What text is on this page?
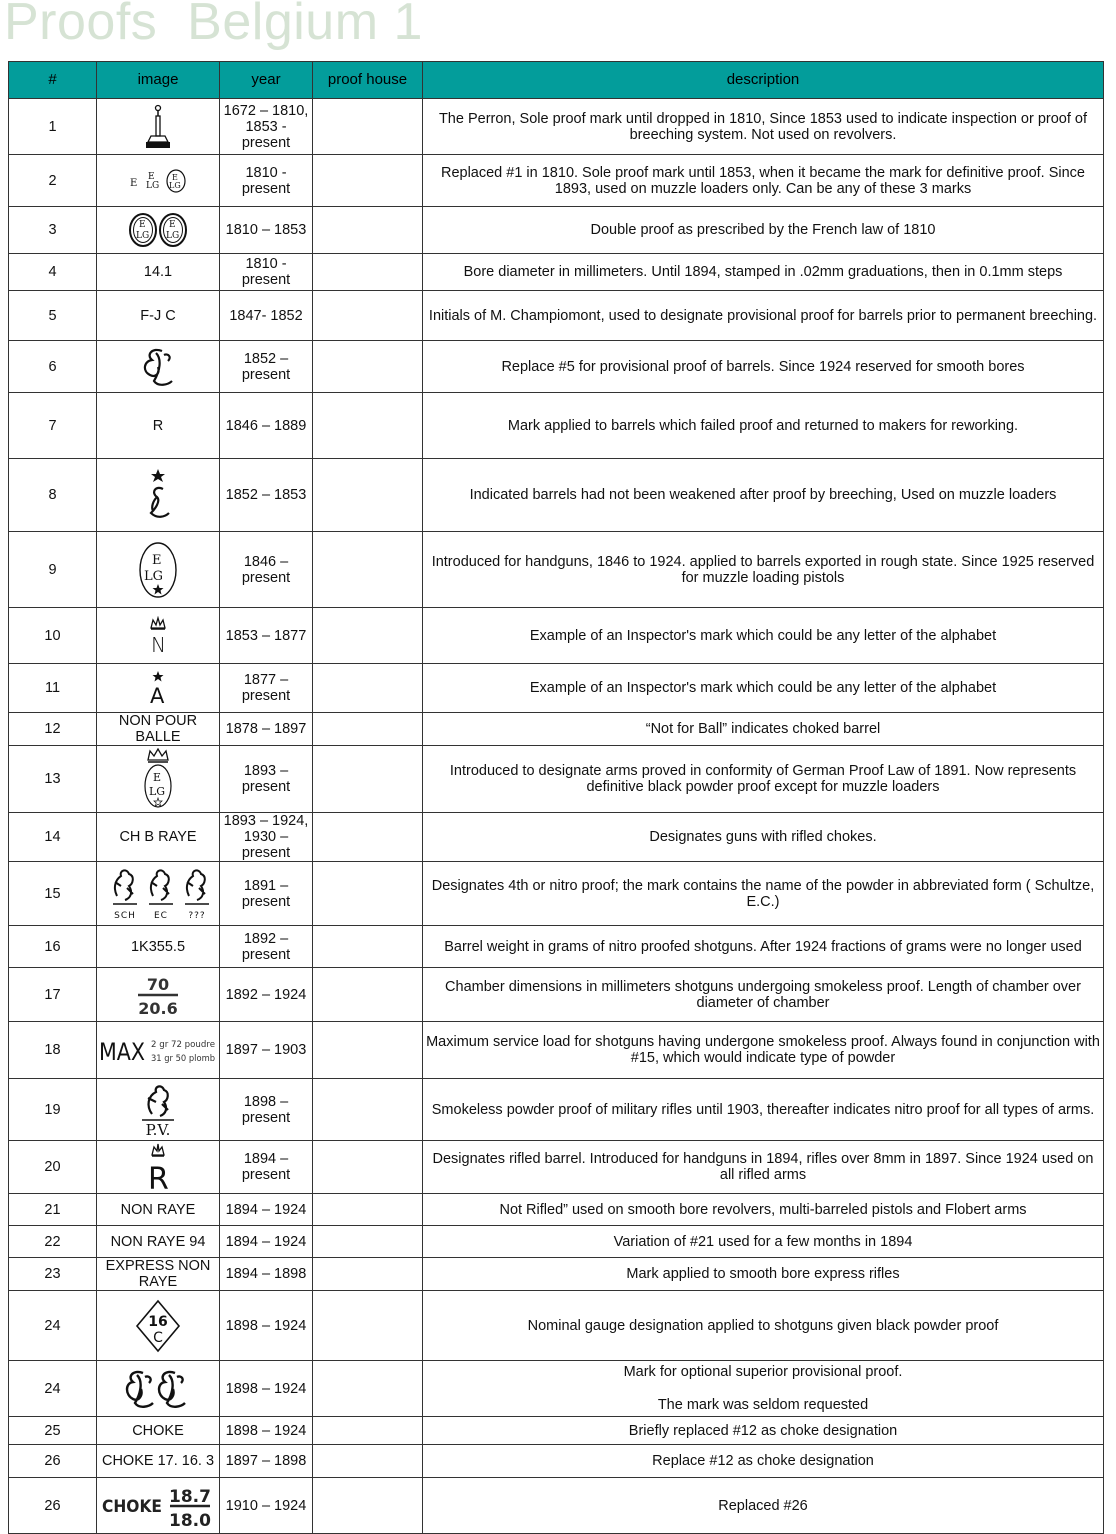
Proofs  Belgium 1
#	image	year	proof house	description
1		1672 – 1810, 1853 - present		The Perron, Sole proof mark until dropped in 1810, Since 1853 used to indicate inspection or proof of breeching system. Not used on revolvers.
2	E
E
LG
E
LG	1810 - present		Replaced #1 in 1810. Sole proof mark until 1853, when it became the mark for definitive proof. Since 1893, used on muzzle loaders only. Can be any of these 3 marks
3	E
LG
E
LG	1810 – 1853		Double proof as prescribed by the French law of 1810
4	14.1	1810 - present		Bore diameter in millimeters. Until 1894, stamped in .02mm graduations, then in 0.1mm steps
5	F-J C	1847- 1852		Initials of M. Champiomont, used to designate provisional proof for barrels prior to permanent breeching.
6		1852 – present		Replace #5 for provisional proof of barrels. Since 1924 reserved for smooth bores
7	R	1846 – 1889		Mark applied to barrels which failed proof and returned to makers for reworking.
8		1852 – 1853		Indicated barrels had not been weakened after proof by breeching, Used on muzzle loaders
9	E
LG	1846 – present		Introduced for handguns, 1846 to 1924. applied to barrels exported in rough state. Since 1925 reserved for muzzle loading pistols
10	N	1853 – 1877		Example of an Inspector's mark which could be any letter of the alphabet
11	A	1877 – present		Example of an Inspector's mark which could be any letter of the alphabet
12	NON POUR BALLE	1878 – 1897		“Not for Ball” indicates choked barrel
13	E
LG	1893 – present		Introduced to designate arms proved in conformity of German Proof Law of 1891. Now represents definitive black powder proof except for muzzle loaders
14	CH B RAYE	1893 – 1924, 1930 – present		Designates guns with rifled chokes.
15	SCH EC ???	1891 – present		Designates 4th or nitro proof; the mark contains the name of the powder in abbreviated form ( Schultze, E.C.)
16	1K355.5	1892 – present		Barrel weight in grams of nitro proofed shotguns. After 1924 fractions of grams were no longer used
17	70
20.6	1892 – 1924		Chamber dimensions in millimeters shotguns undergoing smokeless proof. Length of chamber over diameter of chamber
18	MAX 2 gr 72 poudre
31 gr 50 plomb	1897 – 1903		Maximum service load for shotguns having undergone smokeless proof. Always found in conjunction with #15, which would indicate type of powder
19	P.V.	1898 – present		Smokeless powder proof of military rifles until 1903, thereafter indicates nitro proof for all types of arms.
20	R	1894 – present		Designates rifled barrel. Introduced for handguns in 1894, rifles over 8mm in 1897. Since 1924 used on all rifled arms
21	NON RAYE	1894 – 1924		Not Rifled” used on smooth bore revolvers, multi-barreled pistols and Flobert arms
22	NON RAYE 94	1894 – 1924		Variation of #21 used for a few months in 1894
23	EXPRESS NON RAYE	1894 – 1898		Mark applied to smooth bore express rifles
24	16
C	1898 – 1924		Nominal gauge designation applied to shotguns given black powder proof
24		1898 – 1924		Mark for optional superior provisional proof.
The mark was seldom requested

25	CHOKE	1898 – 1924		Briefly replaced #12 as choke designation
26	CHOKE 17. 16. 3	1897 – 1898		Replace #12 as choke designation
26	CHOKE 18.7
18.0	1910 – 1924		Replaced #26
